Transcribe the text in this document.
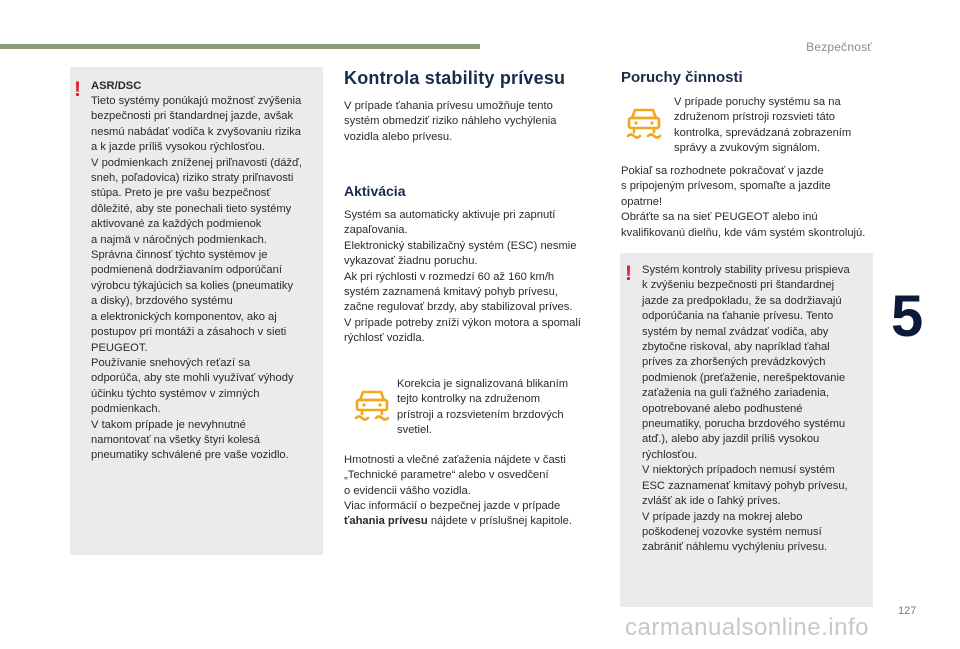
Bezpečnosť
5
127
! ASR/DSC
Tieto systémy ponúkajú možnosť zvýšenia
bezpečnosti pri štandardnej jazde, avšak
nesmú nabádať vodiča k zvyšovaniu rizika
a k jazde príliš vysokou rýchlosťou.
V podmienkach zníženej priľnavosti (dážď,
sneh, poľadovica) riziko straty priľnavosti
stúpa. Preto je pre vašu bezpečnosť
dôležité, aby ste ponechali tieto systémy
aktivované za každých podmienok
a najmä v náročných podmienkach.
Správna činnosť týchto systémov je
podmienená dodržiavaním odporúčaní
výrobcu týkajúcich sa kolies (pneumatiky
a disky), brzdového systému
a elektronických komponentov, ako aj
postupov pri montáži a zásahoch v sieti
PEUGEOT.
Používanie snehových reťazí sa
odporúča, aby ste mohli využívať výhody
účinku týchto systémov v zimných
podmienkach.
V takom prípade je nevyhnutné
namontovať na všetky štyri kolesá
pneumatiky schválené pre vaše vozidlo.
Kontrola stability prívesu
V prípade ťahania prívesu umožňuje tento
systém obmedziť riziko náhleho vychýlenia
vozidla alebo prívesu.
Aktivácia
Systém sa automaticky aktivuje pri zapnutí
zapaľovania.
Elektronický stabilizačný systém (ESC) nesmie
vykazovať žiadnu poruchu.
Ak pri rýchlosti v rozmedzí 60 až 160 km/h
systém zaznamená kmitavý pohyb prívesu,
začne regulovať brzdy, aby stabilizoval príves.
V prípade potreby zníži výkon motora a spomalí
rýchlosť vozidla.
Korekcia je signalizovaná blikaním
tejto kontrolky na združenom
prístroji a rozsvietením brzdových
svetiel.
Hmotnosti a vlečné zaťaženia nájdete v časti
„Technické parametre“ alebo v osvedčení
o evidencii vášho vozidla.
Viac informácií o bezpečnej jazde v prípade
ťahania prívesu nájdete v príslušnej kapitole.
Poruchy činnosti
V prípade poruchy systému sa na
združenom prístroji rozsvieti táto
kontrolka, sprevádzaná zobrazením
správy a zvukovým signálom.
Pokiaľ sa rozhodnete pokračovať v jazde
s pripojeným prívesom, spomaľte a jazdite
opatrne!
Obráťte sa na sieť PEUGEOT alebo inú
kvalifikovanú dielňu, kde vám systém skontrolujú.
! Systém kontroly stability prívesu prispieva
k zvýšeniu bezpečnosti pri štandardnej
jazde za predpokladu, že sa dodržiavajú
odporúčania na ťahanie prívesu. Tento
systém by nemal zvádzať vodiča, aby
zbytočne riskoval, aby napríklad ťahal
príves za zhoršených prevádzkových
podmienok (preťaženie, nerešpektovanie
zaťaženia na guli ťažného zariadenia,
opotrebované alebo podhustené
pneumatiky, porucha brzdového systému
atď.), alebo aby jazdil príliš vysokou
rýchlosťou.
V niektorých prípadoch nemusí systém
ESC zaznamenať kmitavý pohyb prívesu,
zvlášť ak ide o ľahký príves.
V prípade jazdy na mokrej alebo
poškodenej vozovke systém nemusí
zabrániť náhlemu vychýleniu prívesu.
carmanualsonline.info
